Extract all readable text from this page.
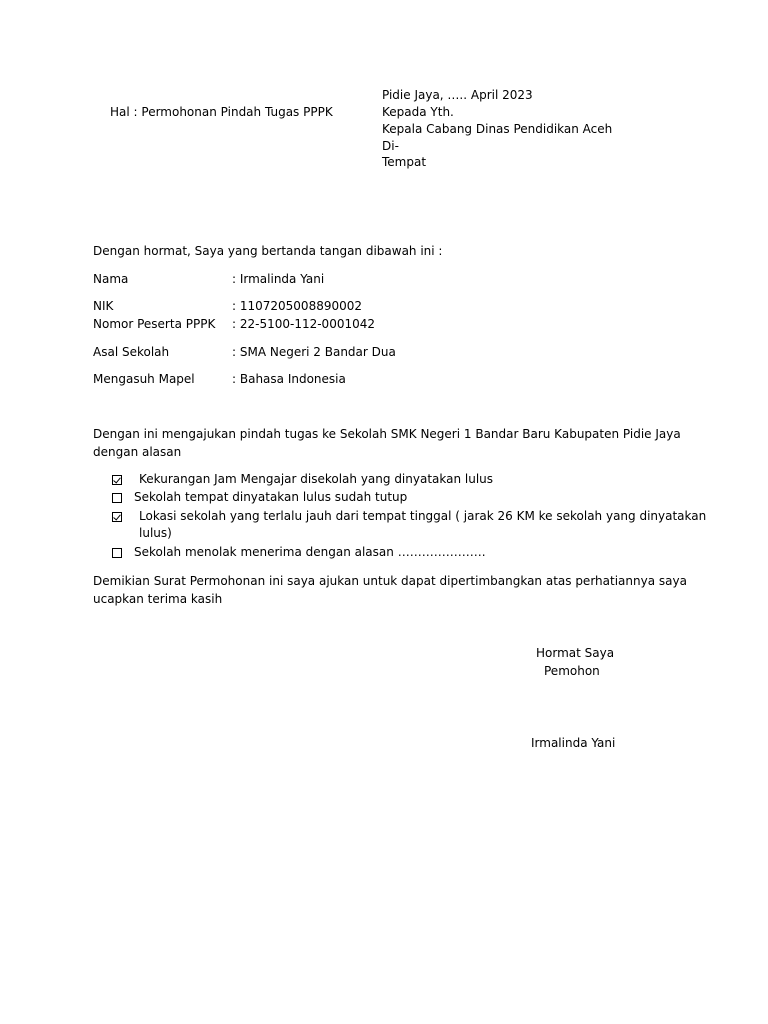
Hal : Permohonan Pindah Tugas PPPK
Pidie Jaya, ….. April 2023
Kepada Yth.
Kepala Cabang Dinas Pendidikan Aceh
Di-
Tempat
Dengan hormat, Saya yang bertanda tangan dibawah ini :
Nama	: Irmalinda Yani
NIK	: 1107205008890002
Nomor Peserta PPPK : 22-5100-112-0001042
Asal Sekolah	: SMA Negeri 2 Bandar Dua
Mengasuh Mapel	: Bahasa Indonesia
Dengan ini mengajukan pindah tugas ke Sekolah SMK Negeri 1 Bandar Baru Kabupaten Pidie Jaya
dengan alasan
Kekurangan Jam Mengajar disekolah yang dinyatakan lulus
Sekolah tempat dinyatakan lulus sudah tutup
Lokasi sekolah yang terlalu jauh dari tempat tinggal ( jarak 26 KM ke sekolah yang dinyatakan
lulus)
Sekolah menolak menerima dengan alasan ………………….
Demikian Surat Permohonan ini saya ajukan untuk dapat dipertimbangkan atas perhatiannya saya
ucapkan terima kasih
Hormat Saya
Pemohon
Irmalinda Yani
